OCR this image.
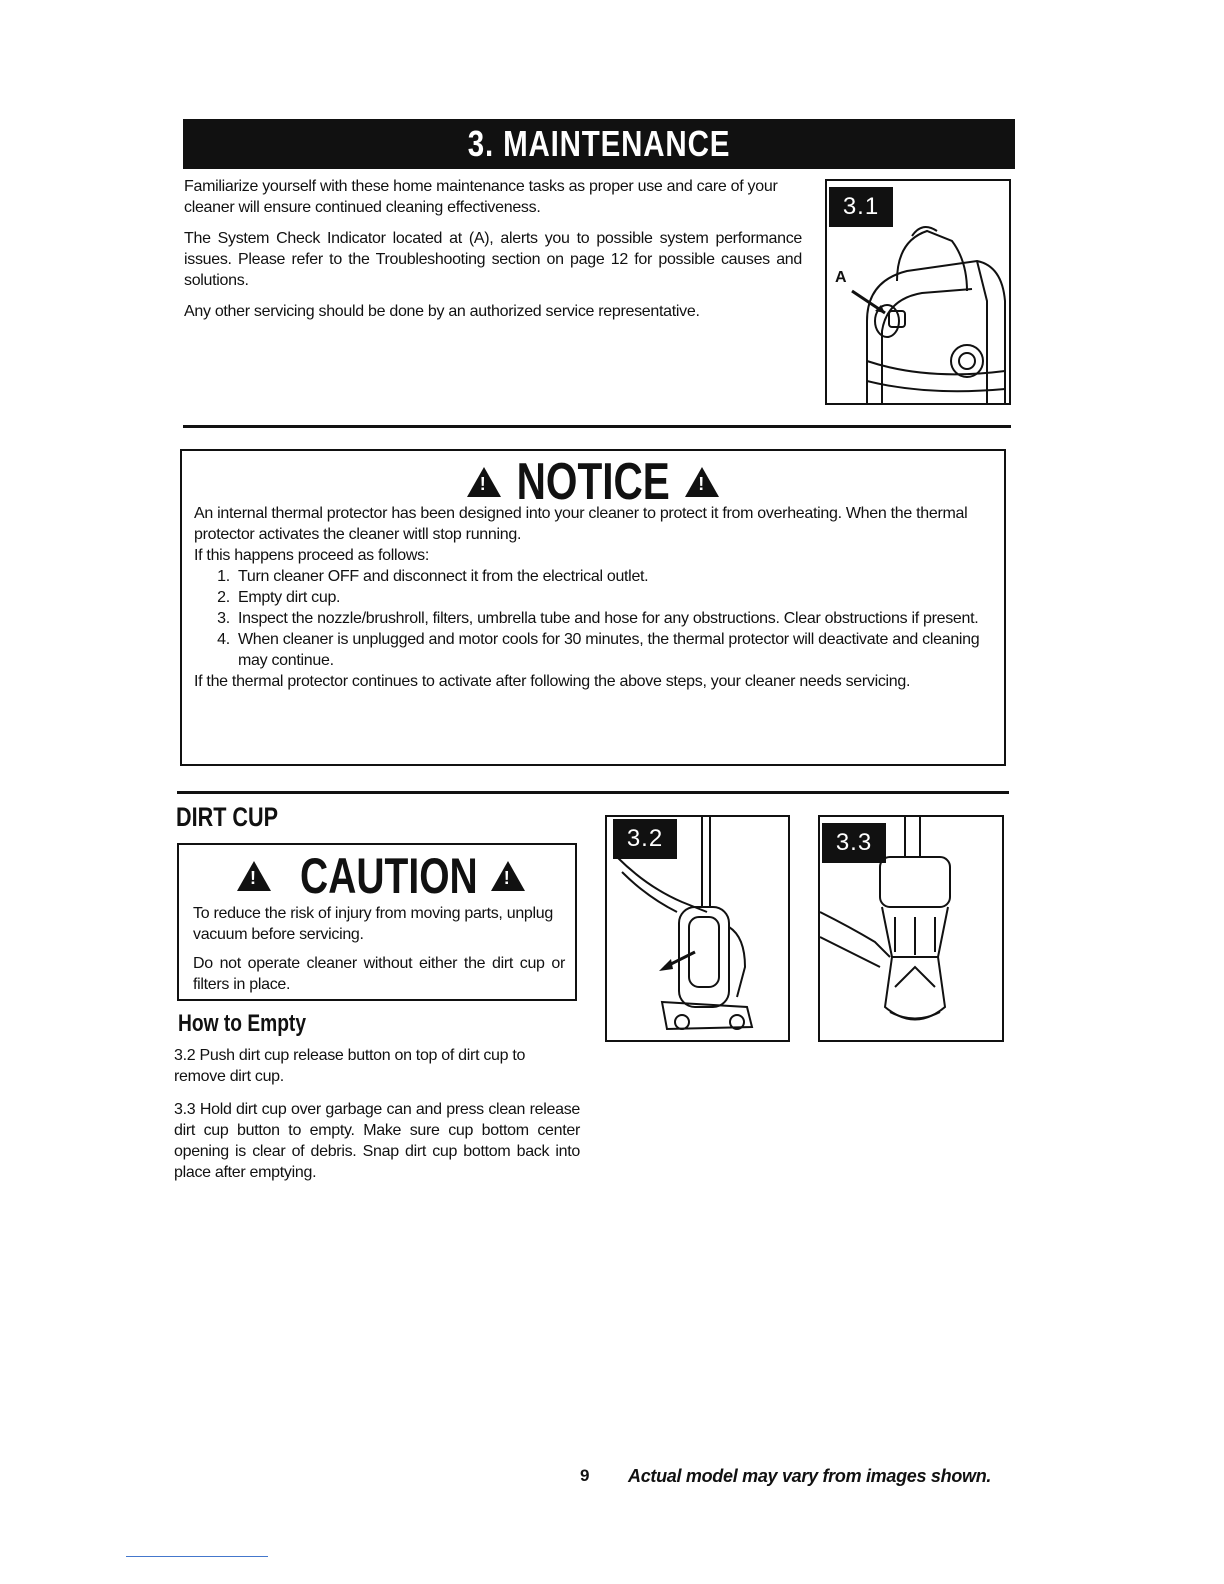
3. MAINTENANCE

Familiarize yourself with these home maintenance tasks as proper use and care of your cleaner will ensure continued cleaning effectiveness.

The System Check Indicator located at (A), alerts you to possible system performance issues. Please refer to the Troubleshooting section on page 12 for possible causes and solutions.

Any other servicing should be done by an authorized service representative.

3.1
A
!
NOTICE
!

An internal thermal protector has been designed into your cleaner to protect it from overheating. When the thermal protector activates the cleaner witll stop running.

If this happens proceed as follows:

1. Turn cleaner OFF and disconnect it from the electrical outlet.
2. Empty dirt cup.
3. Inspect the nozzle/brushroll, filters, umbrella tube and hose for any obstructions. Clear obstructions if present.
4. When cleaner is unplugged and motor cools for 30 minutes, the thermal protector will deactivate and cleaning may continue.

If the thermal protector continues to activate after following the above steps, your cleaner needs servicing.

DIRT CUP
!
CAUTION
!

To reduce the risk of injury from moving parts, unplug vacuum before servicing.

Do not operate cleaner without either the dirt cup or filters in place.

How to Empty

3.2 Push dirt cup release button on top of dirt cup to remove dirt cup.

3.3 Hold dirt cup over garbage can and press clean release dirt cup button to empty. Make sure cup bottom center opening is clear of debris. Snap dirt cup bottom back into place after emptying.

3.2	3.3
9 Actual model may vary from images shown.
